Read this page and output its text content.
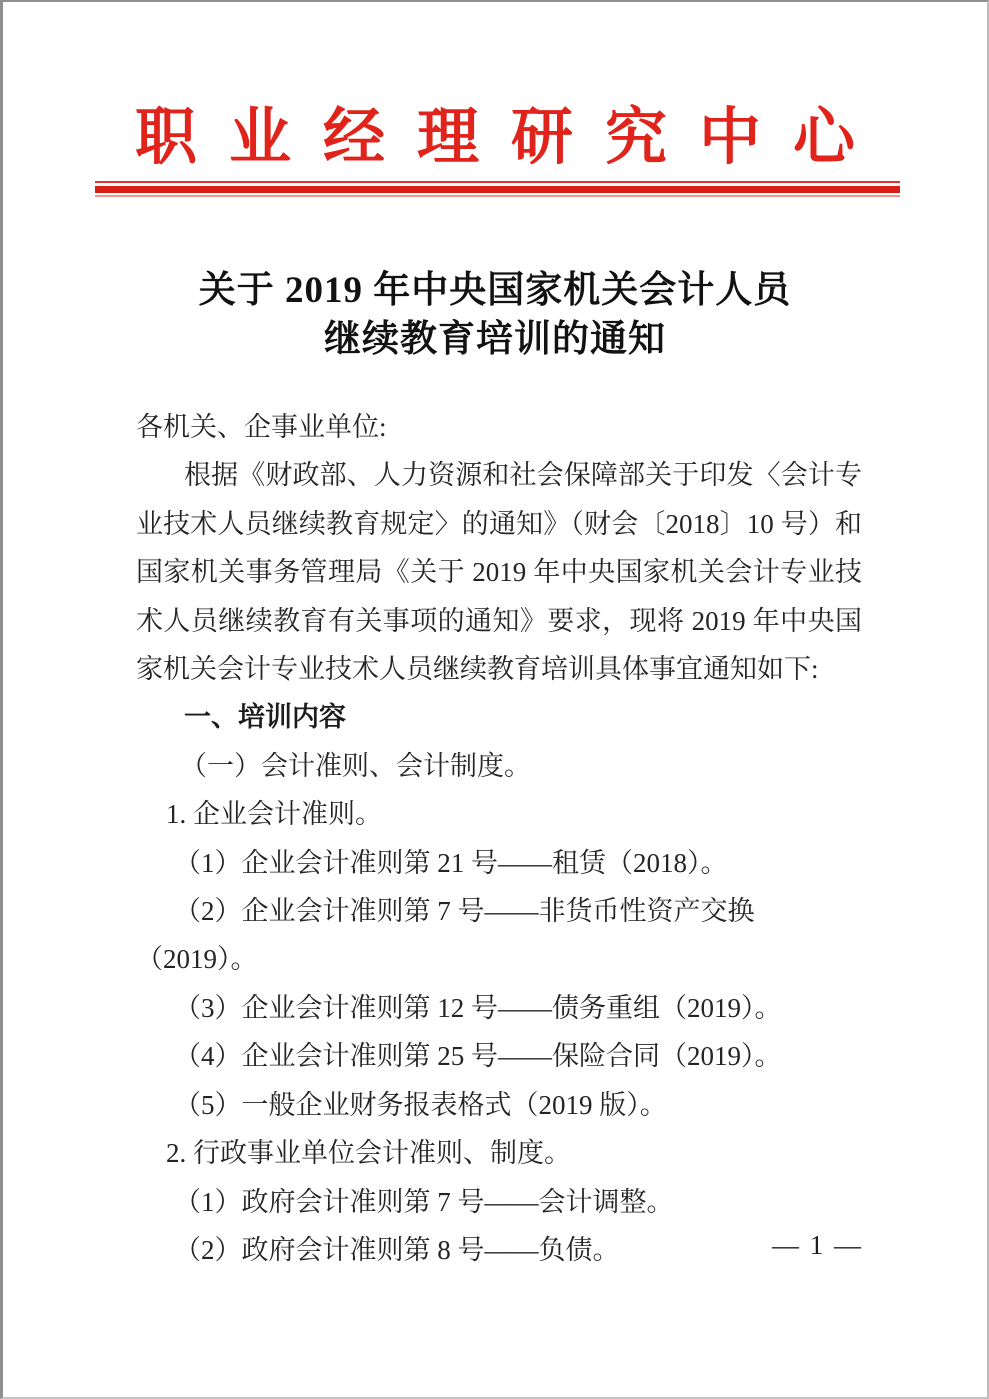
职业经理研究中心
关于 2019 年中央国家机关会计人员
继续教育培训的通知
各机关、企事业单位:

根据《财政部、人力资源和社会保障部关于印发〈会计专业技术人员继续教育规定〉的通知》（财会〔2018〕10 号）和国家机关事务管理局《关于 2019 年中央国家机关会计专业技术人员继续教育有关事项的通知》要求，现将 2019 年中央国家机关会计专业技术人员继续教育培训具体事宜通知如下:

一、培训内容
（一）会计准则、会计制度。
1. 企业会计准则。
（1）企业会计准则第 21 号——租赁（2018）。
（2）企业会计准则第 7 号——非货币性资产交换（2019）。
（3）企业会计准则第 12 号——债务重组（2019）。
（4）企业会计准则第 25 号——保险合同（2019）。
（5）一般企业财务报表格式（2019 版）。
2. 行政事业单位会计准则、制度。
（1）政府会计准则第 7 号——会计调整。
（2）政府会计准则第 8 号——负债。	— 1 —
